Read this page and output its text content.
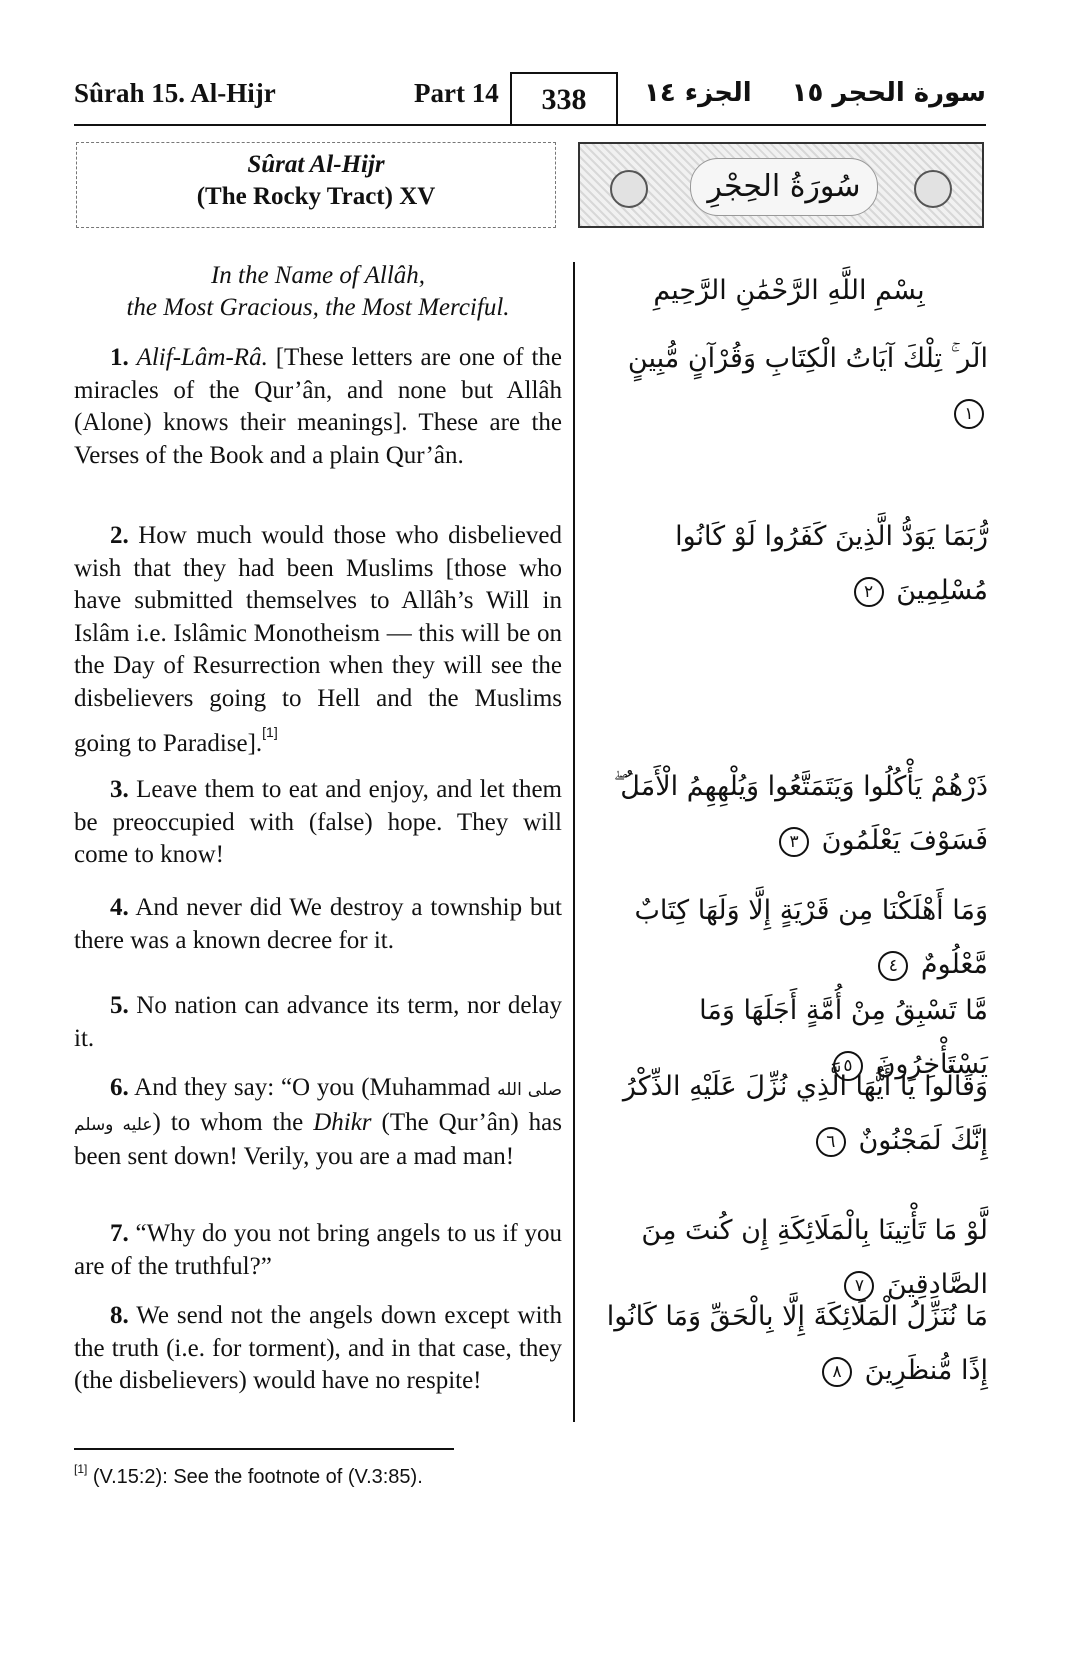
Sûrah 15. Al-Hijr	Part 14	338	الجزء ١٤ سورة الحجر ١٥
Sûrat Al-Hijr
(The Rocky Tract) XV	سُورَةُ الحِجْرِ
In the Name of Allâh,
the Most Gracious, the Most Merciful.
1. Alif-Lâm-Râ. [These letters are one of the miracles of the Qur’ân, and none but Allâh (Alone) knows their meanings]. These are the Verses of the Book and a plain Qur’ân.
2. How much would those who disbelieved wish that they had been Muslims [those who have submitted themselves to Allâh’s Will in Islâm i.e. Islâmic Monotheism — this will be on the Day of Resurrection when they will see the disbelievers going to Hell and the Muslims going to Paradise].[1]
3. Leave them to eat and enjoy, and let them be preoccupied with (false) hope. They will come to know!
4. And never did We destroy a township but there was a known decree for it.
5. No nation can advance its term, nor delay it.
6. And they say: “O you (Muhammad صلى الله عليه وسلم) to whom the Dhikr (The Qur’ân) has been sent down! Verily, you are a mad man!
7. “Why do you not bring angels to us if you are of the truthful?”
8. We send not the angels down except with the truth (i.e. for torment), and in that case, they (the disbelievers) would have no respite!
بِسْمِ اللَّهِ الرَّحْمَٰنِ الرَّحِيمِ
الٓر ۚ تِلْكَ آيَاتُ الْكِتَابِ وَقُرْآنٍ مُّبِينٍ ١
رُّبَمَا يَوَدُّ الَّذِينَ كَفَرُوا لَوْ كَانُوا مُسْلِمِينَ ٢
ذَرْهُمْ يَأْكُلُوا وَيَتَمَتَّعُوا وَيُلْهِهِمُ الْأَمَلُ ۖ فَسَوْفَ يَعْلَمُونَ ٣
وَمَا أَهْلَكْنَا مِن قَرْيَةٍ إِلَّا وَلَهَا كِتَابٌ مَّعْلُومٌ ٤
مَّا تَسْبِقُ مِنْ أُمَّةٍ أَجَلَهَا وَمَا يَسْتَأْخِرُونَ ٥
وَقَالُوا يَا أَيُّهَا الَّذِي نُزِّلَ عَلَيْهِ الذِّكْرُ إِنَّكَ لَمَجْنُونٌ ٦
لَّوْ مَا تَأْتِينَا بِالْمَلَائِكَةِ إِن كُنتَ مِنَ الصَّادِقِينَ ٧
مَا نُنَزِّلُ الْمَلَائِكَةَ إِلَّا بِالْحَقِّ وَمَا كَانُوا إِذًا مُّنظَرِينَ ٨
[1] (V.15:2): See the footnote of (V.3:85).
